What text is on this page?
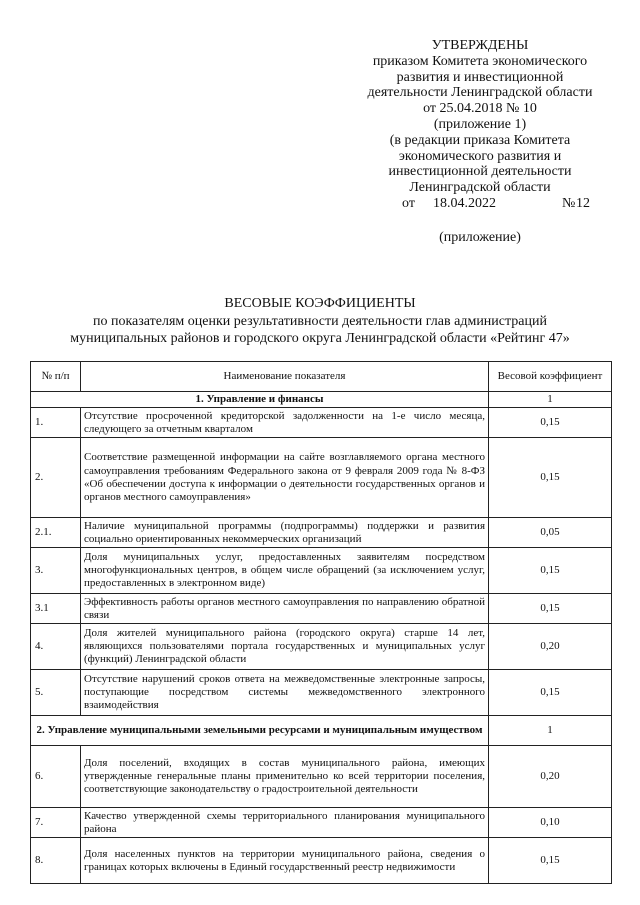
УТВЕРЖДЕНЫ
приказом Комитета экономического
развития и инвестиционной
деятельности Ленинградской области
от 25.04.2018 № 10
(приложение 1)
(в редакции приказа Комитета
экономического развития и
инвестиционной деятельности
Ленинградской области
от 18.04.2022	№ 12
(приложение)
ВЕСОВЫЕ КОЭФФИЦИЕНТЫ
по показателям оценки результативности деятельности глав администраций
муниципальных районов и городского округа Ленинградской области «Рейтинг 47»
№ п/п	Наименование показателя	Весовой коэффициент
1. Управление и финансы		1
1.	Отсутствие просроченной кредиторской задолженности на 1-е число месяца, следующего за отчетным кварталом	0,15
2.	Соответствие размещенной информации на сайте возглавляемого органа местного самоуправления требованиям Федерального закона от 9 февраля 2009 года № 8-ФЗ «Об обеспечении доступа к информации о деятельности государственных органов и органов местного самоуправления»	0,15
2.1.	Наличие муниципальной программы (подпрограммы) поддержки и развития социально ориентированных некоммерческих организаций	0,05
3.	Доля муниципальных услуг, предоставленных заявителям посредством многофункциональных центров, в общем числе обращений (за исключением услуг, предоставленных в электронном виде)	0,15
3.1	Эффективность работы органов местного самоуправления по направлению обратной связи	0,15
4.	Доля жителей муниципального района (городского округа) старше 14 лет, являющихся пользователями портала государственных и муниципальных услуг (функций) Ленинградской области	0,20
5.	Отсутствие нарушений сроков ответа на межведомственные электронные запросы, поступающие посредством системы межведомственного электронного взаимодействия	0,15
2. Управление муниципальными земельными ресурсами и муниципальным имуществом		1
6.	Доля поселений, входящих в состав муниципального района, имеющих утвержденные генеральные планы применительно ко всей территории поселения, соответствующие законодательству о градостроительной деятельности	0,20
7.	Качество утвержденной схемы территориального планирования муниципального района	0,10
8.	Доля населенных пунктов на территории муниципального района, сведения о границах которых включены в Единый государственный реестр недвижимости	0,15
